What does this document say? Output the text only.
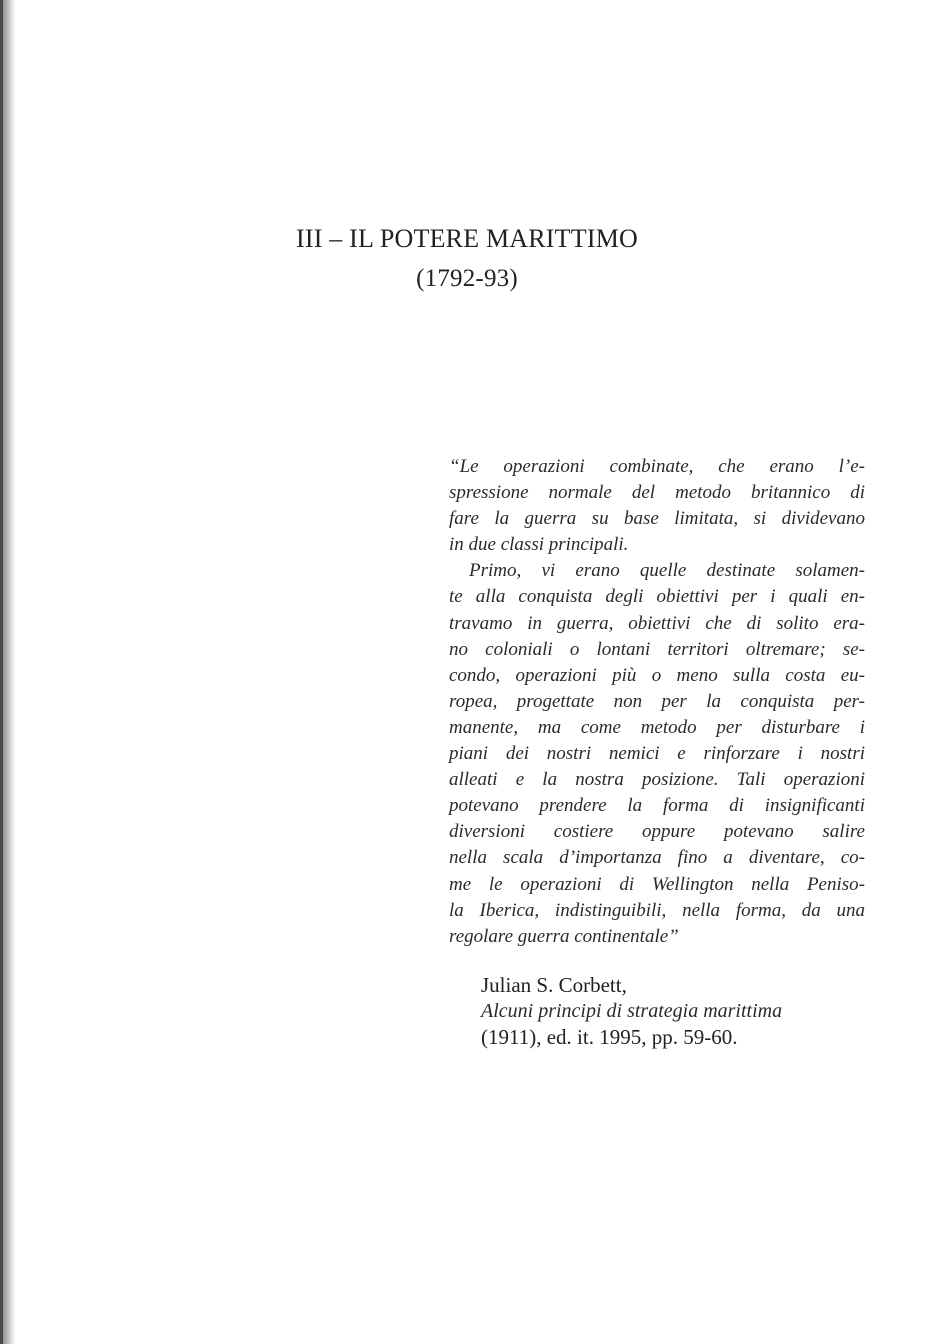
III – IL POTERE MARITTIMO
(1792-93)
“Le operazioni combinate, che erano l’e-
spressione normale del metodo britannico di
fare la guerra su base limitata, si dividevano
in due classi principali.
Primo, vi erano quelle destinate solamen-
te alla conquista degli obiettivi per i quali en-
travamo in guerra, obiettivi che di solito era-
no coloniali o lontani territori oltremare; se-
condo, operazioni più o meno sulla costa eu-
ropea, progettate non per la conquista per-
manente, ma come metodo per disturbare i
piani dei nostri nemici e rinforzare i nostri
alleati e la nostra posizione. Tali operazioni
potevano prendere la forma di insignificanti
diversioni costiere oppure potevano salire
nella scala d’importanza fino a diventare, co-
me le operazioni di Wellington nella Peniso-
la Iberica, indistinguibili, nella forma, da una
regolare guerra continentale”
Julian S. Corbett,
Alcuni principi di strategia marittima
(1911), ed. it. 1995, pp. 59-60.
